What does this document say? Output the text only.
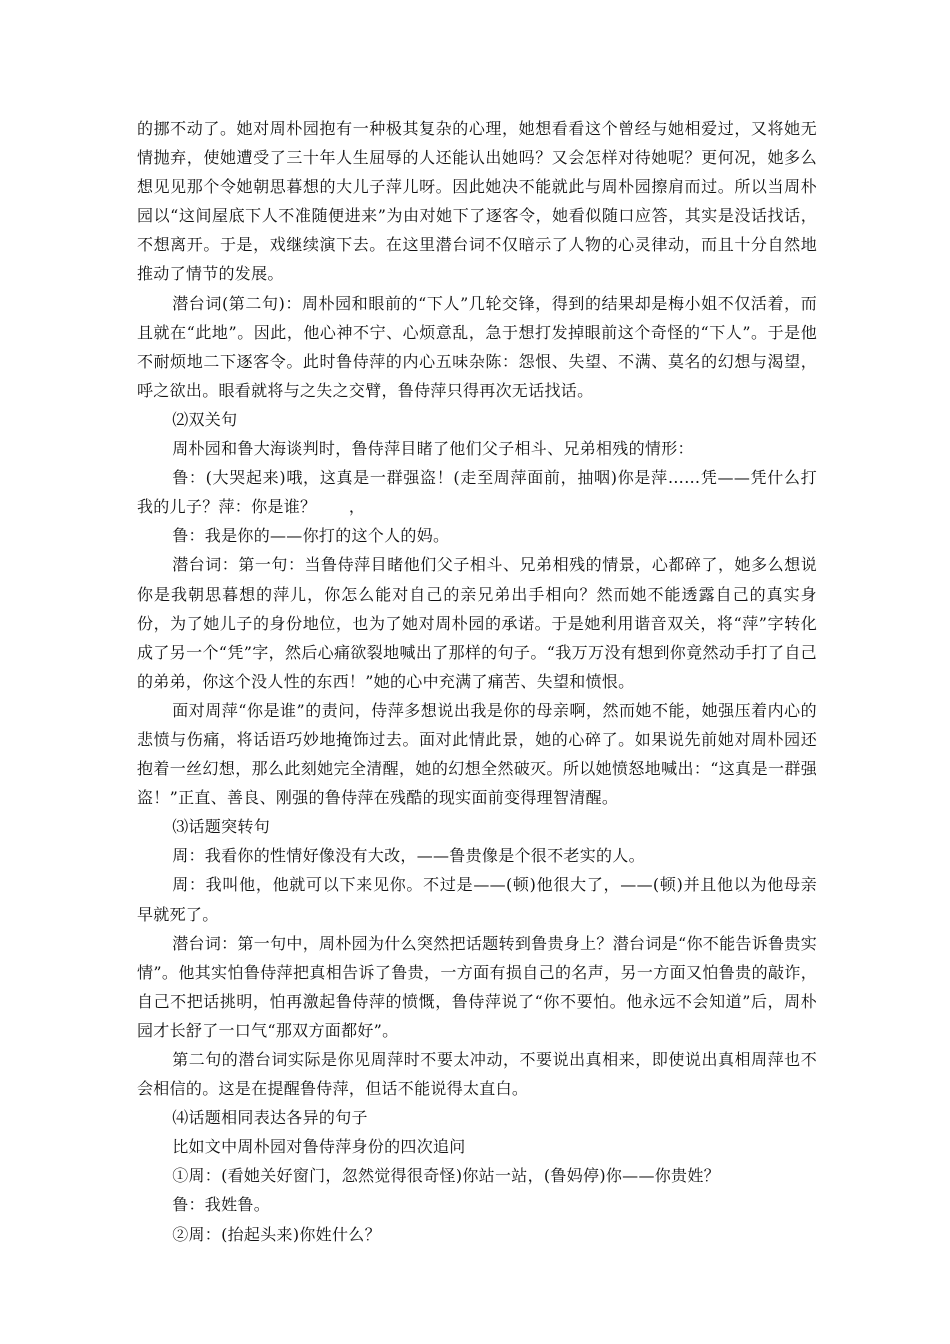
的挪不动了。她对周朴园抱有一种极其复杂的心理，她想看看这个曾经与她相爱过，又将她无情抛弃，使她遭受了三十年人生屈辱的人还能认出她吗？又会怎样对待她呢？更何况，她多么想见见那个令她朝思暮想的大儿子萍儿呀。因此她决不能就此与周朴园擦肩而过。所以当周朴园以“这间屋底下人不准随便进来”为由对她下了逐客令，她看似随口应答，其实是没话找话，不想离开。于是，戏继续演下去。在这里潜台词不仅暗示了人物的心灵律动，而且十分自然地推动了情节的发展。

潜台词(第二句)：周朴园和眼前的“下人”几轮交锋，得到的结果却是梅小姐不仅活着，而且就在“此地”。因此，他心神不宁、心烦意乱，急于想打发掉眼前这个奇怪的“下人”。于是他不耐烦地二下逐客令。此时鲁侍萍的内心五味杂陈：怨恨、失望、不满、莫名的幻想与渴望，呼之欲出。眼看就将与之失之交臂，鲁侍萍只得再次无话找话。

⑵双关句

周朴园和鲁大海谈判时，鲁侍萍目睹了他们父子相斗、兄弟相残的情形：

鲁：(大哭起来)哦，这真是一群强盗！(走至周萍面前，抽咽)你是萍……凭——凭什么打我的儿子？萍：你是谁？　　，

鲁：我是你的——你打的这个人的妈。

潜台词：第一句：当鲁侍萍目睹他们父子相斗、兄弟相残的情景，心都碎了，她多么想说你是我朝思暮想的萍儿，你怎么能对自己的亲兄弟出手相向？然而她不能透露自己的真实身份，为了她儿子的身份地位，也为了她对周朴园的承诺。于是她利用谐音双关，将“萍”字转化成了另一个“凭”字，然后心痛欲裂地喊出了那样的句子。“我万万没有想到你竟然动手打了自己的弟弟，你这个没人性的东西！”她的心中充满了痛苦、失望和愤恨。

面对周萍“你是谁”的责问，侍萍多想说出我是你的母亲啊，然而她不能，她强压着内心的悲愤与伤痛，将话语巧妙地掩饰过去。面对此情此景，她的心碎了。如果说先前她对周朴园还抱着一丝幻想，那么此刻她完全清醒，她的幻想全然破灭。所以她愤怒地喊出：“这真是一群强盗！”正直、善良、刚强的鲁侍萍在残酷的现实面前变得理智清醒。

⑶话题突转句

周：我看你的性情好像没有大改，——鲁贵像是个很不老实的人。

周：我叫他，他就可以下来见你。不过是——(顿)他很大了，——(顿)并且他以为他母亲早就死了。

潜台词：第一句中，周朴园为什么突然把话题转到鲁贵身上？潜台词是“你不能告诉鲁贵实情”。他其实怕鲁侍萍把真相告诉了鲁贵，一方面有损自己的名声，另一方面又怕鲁贵的敲诈，自己不把话挑明，怕再激起鲁侍萍的愤慨，鲁侍萍说了“你不要怕。他永远不会知道”后，周朴园才长舒了一口气“那双方面都好”。

第二句的潜台词实际是你见周萍时不要太冲动，不要说出真相来，即使说出真相周萍也不会相信的。这是在提醒鲁侍萍，但话不能说得太直白。

⑷话题相同表达各异的句子

比如文中周朴园对鲁侍萍身份的四次追问

①周：(看她关好窗门，忽然觉得很奇怪)你站一站，(鲁妈停)你——你贵姓？

鲁：我姓鲁。

②周：(抬起头来)你姓什么？
